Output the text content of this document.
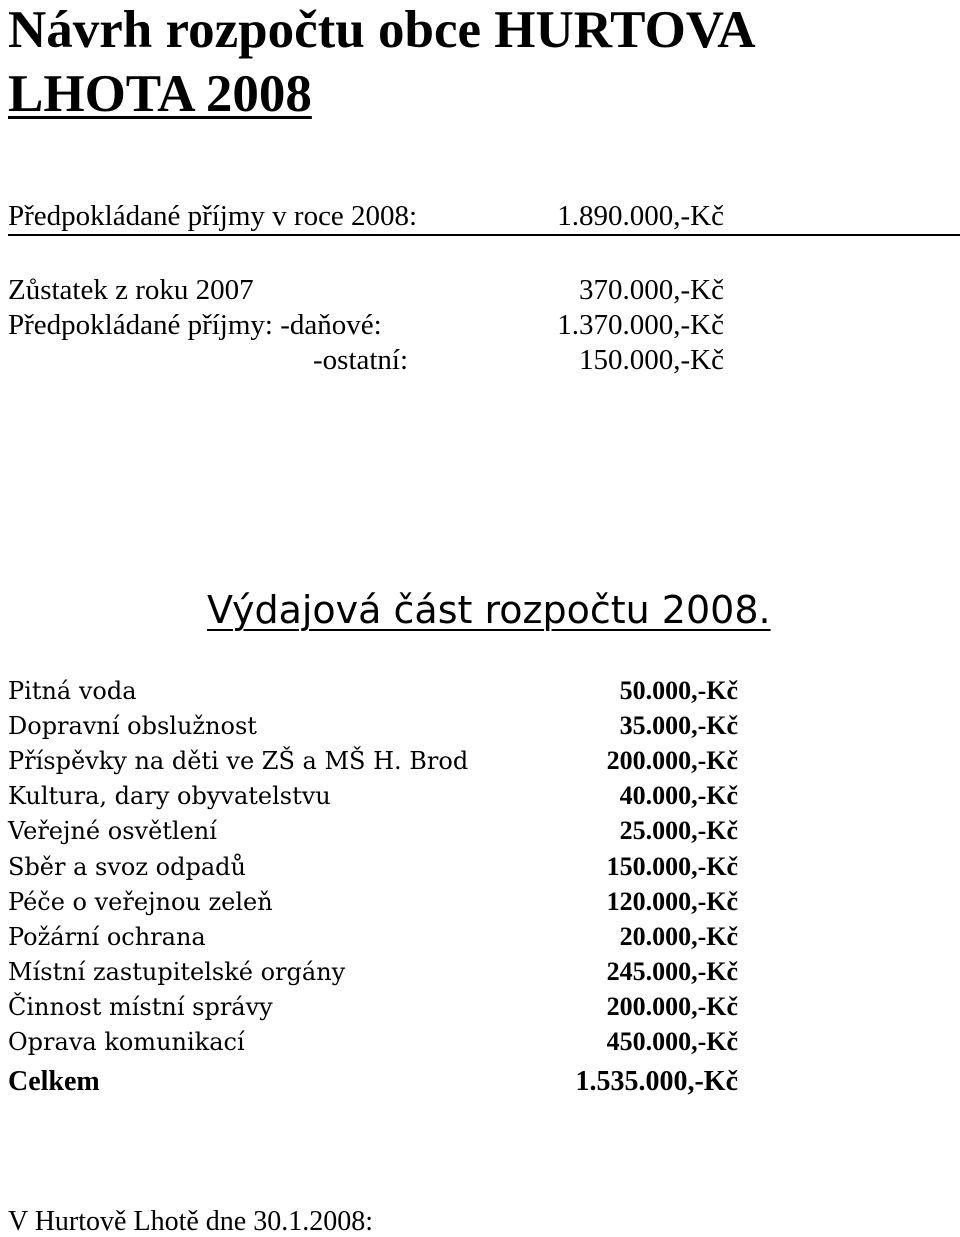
Návrh rozpočtu obce HURTOVA
LHOTA 2008
Předpokládané příjmy v roce 2008:	1.890.000,-Kč
Zůstatek z roku 2007	370.000,-Kč
Předpokládané příjmy: -daňové:	1.370.000,-Kč
-ostatní:	150.000,-Kč
Výdajová část rozpočtu 2008.
Pitná voda	50.000,-Kč
Dopravní obslužnost	35.000,-Kč
Příspěvky na děti ve ZŠ a MŠ H. Brod	200.000,-Kč
Kultura, dary obyvatelstvu	40.000,-Kč
Veřejné osvětlení	25.000,-Kč
Sběr a svoz odpadů	150.000,-Kč
Péče o veřejnou zeleň	120.000,-Kč
Požární ochrana	20.000,-Kč
Místní zastupitelské orgány	245.000,-Kč
Činnost místní správy	200.000,-Kč
Oprava komunikací	450.000,-Kč
Celkem	1.535.000,-Kč
V Hurtově Lhotě dne 30.1.2008:
